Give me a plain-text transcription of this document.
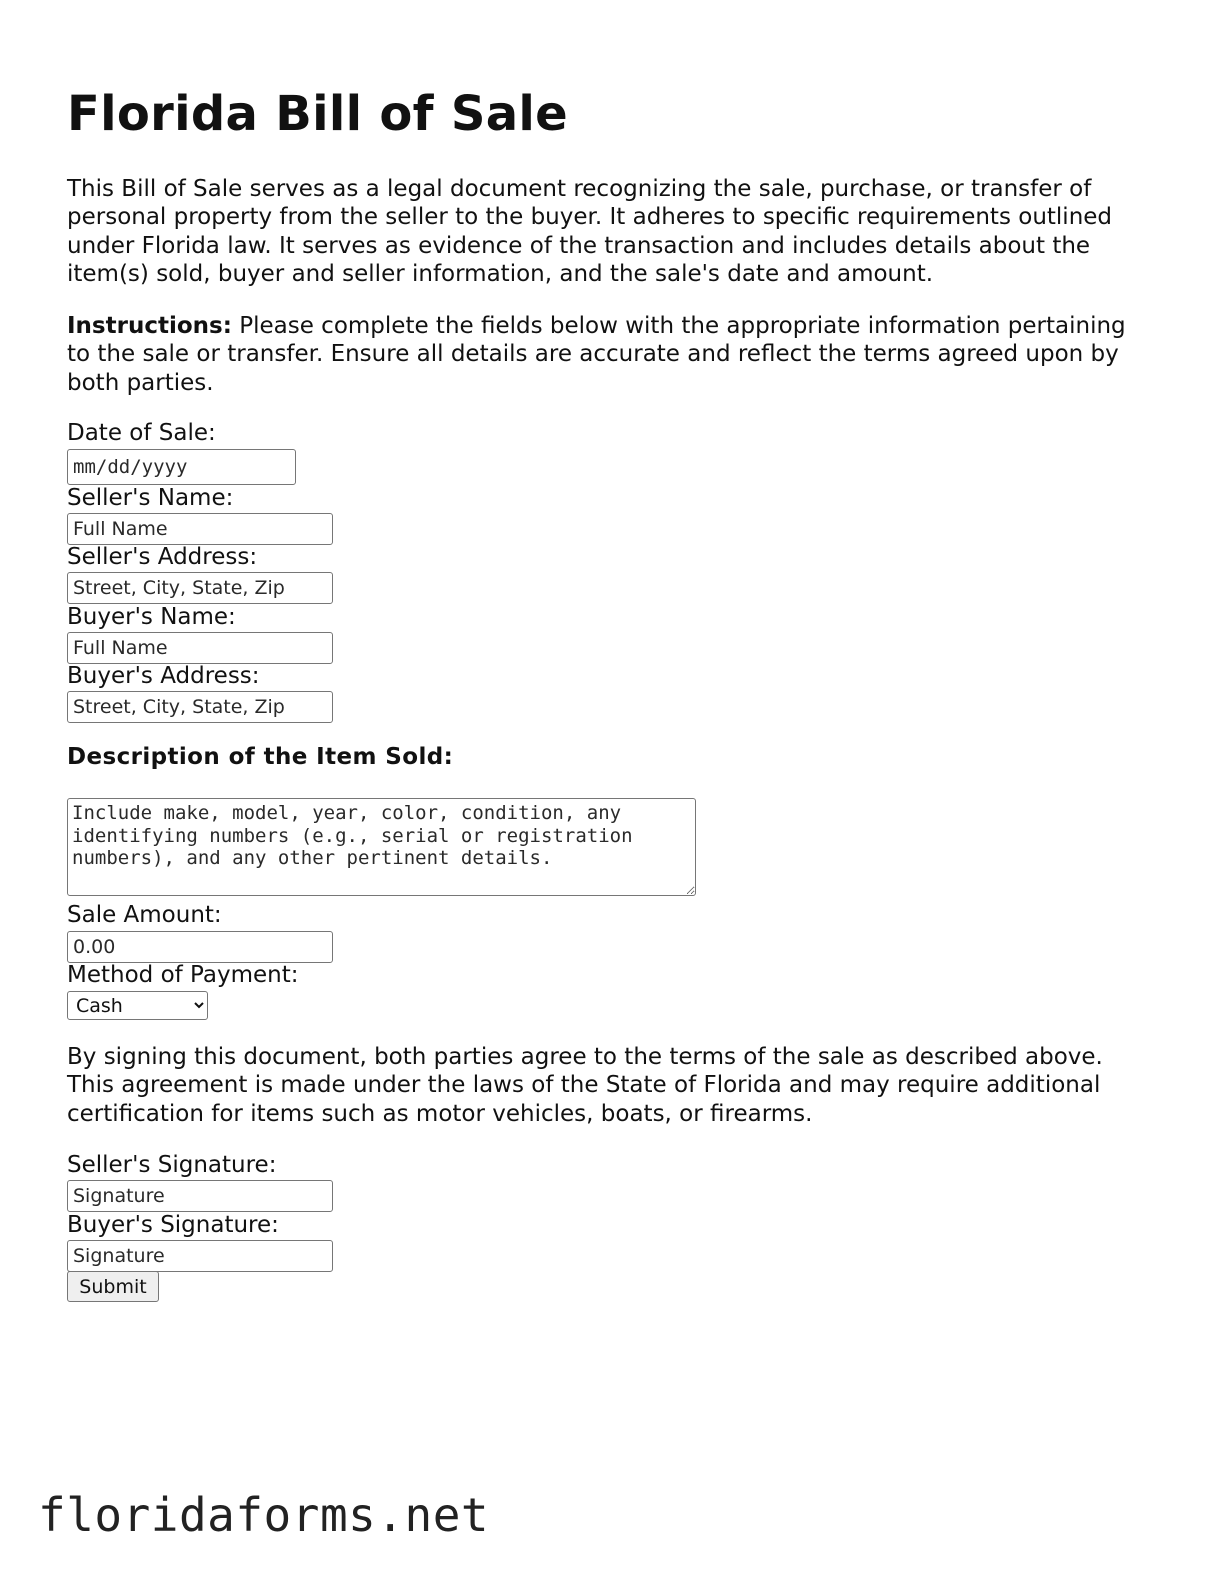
Florida Bill of Sale

This Bill of Sale serves as a legal document recognizing the sale, purchase, or transfer of personal property from the seller to the buyer. It adheres to specific requirements outlined under Florida law. It serves as evidence of the transaction and includes details about the item(s) sold, buyer and seller information, and the sale's date and amount.

Instructions: Please complete the fields below with the appropriate information pertaining to the sale or transfer. Ensure all details are accurate and reflect the terms agreed upon by both parties.

Date of Sale:
mm/dd/yyyy
Seller's Name:
Full Name
Seller's Address:
Street, City, State, Zip
Buyer's Name:
Full Name
Buyer's Address:
Street, City, State, Zip
Description of the Item Sold:
Include make, model, year, color, condition, any identifying numbers (e.g., serial or registration numbers), and any other pertinent details.
Sale Amount:
0.00
Method of Payment:
Cash

By signing this document, both parties agree to the terms of the sale as described above. This agreement is made under the laws of the State of Florida and may require additional certification for items such as motor vehicles, boats, or firearms.

Seller's Signature:
Signature
Buyer's Signature:
Signature
Submit
floridaforms.net
